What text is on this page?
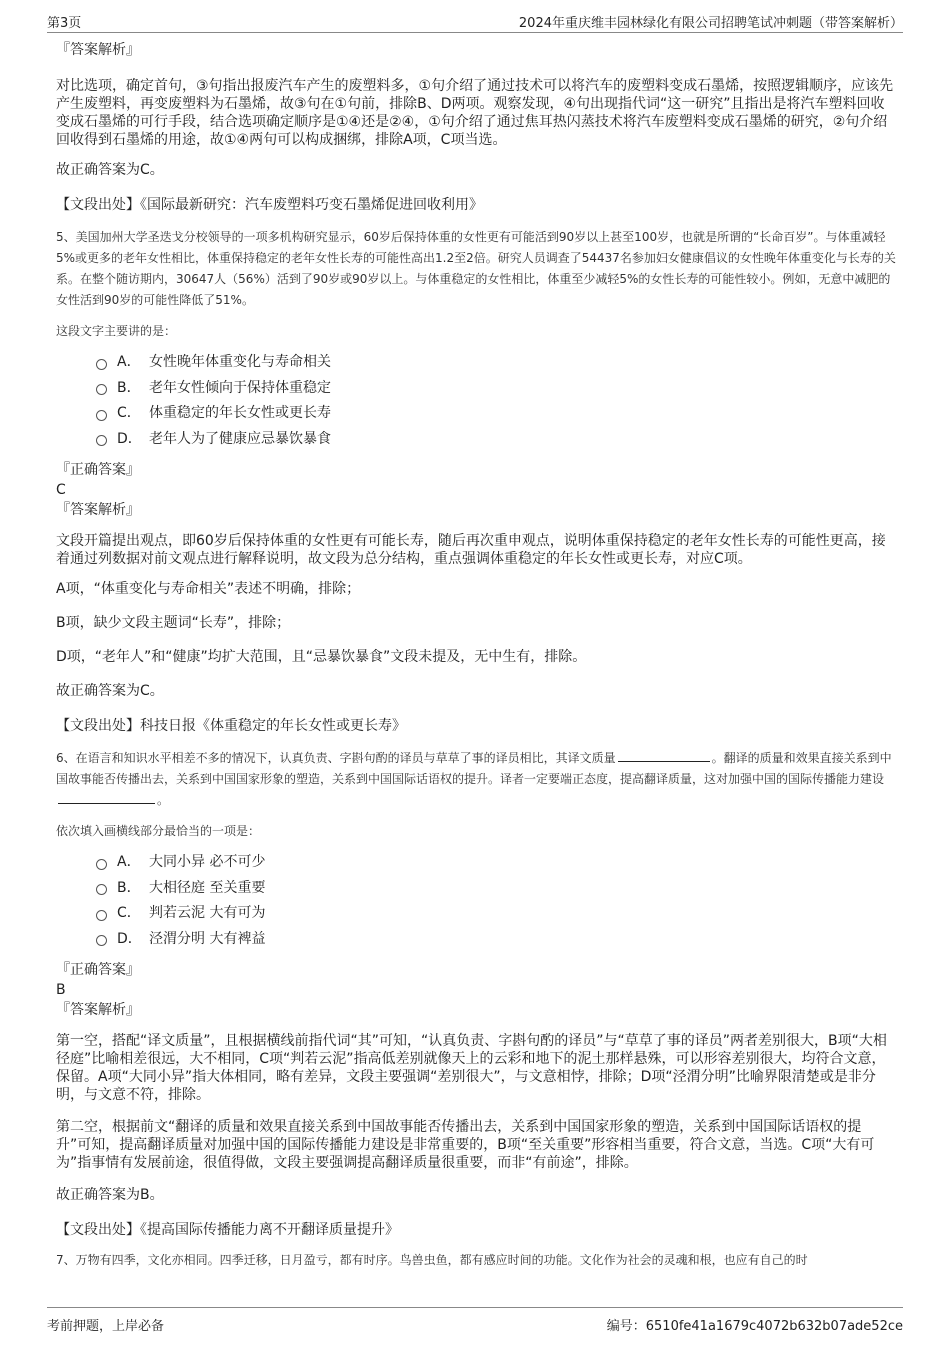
第3页	2024年重庆维丰园林绿化有限公司招聘笔试冲刺题（带答案解析）
『答案解析』

对比选项，确定首句，③句指出报废汽车产生的废塑料多，①句介绍了通过技术可以将汽车的废塑料变成石墨烯，按照逻辑顺序，应该先产生废塑料，再变废塑料为石墨烯，故③句在①句前，排除B、D两项。观察发现，④句出现指代词“这一研究”且指出是将汽车塑料回收变成石墨烯的可行手段，结合选项确定顺序是①④还是②④，①句介绍了通过焦耳热闪蒸技术将汽车废塑料变成石墨烯的研究，②句介绍回收得到石墨烯的用途，故①④两句可以构成捆绑，排除A项，C项当选。

故正确答案为C。

【文段出处】《国际最新研究：汽车废塑料巧变石墨烯促进回收利用》

5、美国加州大学圣迭戈分校领导的一项多机构研究显示，60岁后保持体重的女性更有可能活到90岁以上甚至100岁，也就是所谓的“长命百岁”。与体重减轻5%或更多的老年女性相比，体重保持稳定的老年女性长寿的可能性高出1.2至2倍。研究人员调查了54437名参加妇女健康倡议的女性晚年体重变化与长寿的关系。在整个随访期内，30647人（56%）活到了90岁或90岁以上。与体重稳定的女性相比，体重至少减轻5%的女性长寿的可能性较小。例如，无意中减肥的女性活到90岁的可能性降低了51%。

这段文字主要讲的是：

A． 女性晚年体重变化与寿命相关
B． 老年女性倾向于保持体重稳定
C． 体重稳定的年长女性或更长寿
D． 老年人为了健康应忌暴饮暴食
『正确答案』
C
『答案解析』

文段开篇提出观点，即60岁后保持体重的女性更有可能长寿，随后再次重申观点，说明体重保持稳定的老年女性长寿的可能性更高，接着通过列数据对前文观点进行解释说明，故文段为总分结构，重点强调体重稳定的年长女性或更长寿，对应C项。

A项，“体重变化与寿命相关”表述不明确，排除；

B项，缺少文段主题词“长寿”，排除；

D项，“老年人”和“健康”均扩大范围，且“忌暴饮暴食”文段未提及，无中生有，排除。

故正确答案为C。

【文段出处】科技日报《体重稳定的年长女性或更长寿》

6、在语言和知识水平相差不多的情况下，认真负责、字斟句酌的译员与草草了事的译员相比，其译文质量	。翻译的质量和效果直接关系到中国故事能否传播出去，关系到中国国家形象的塑造，关系到中国国际话语权的提升。译者一定要端正态度，提高翻译质量，这对加强中国的国际传播能力建设。

依次填入画横线部分最恰当的一项是：

A． 大同小异 必不可少
B． 大相径庭 至关重要
C． 判若云泥 大有可为
D． 泾渭分明 大有裨益
『正确答案』
B
『答案解析』

第一空，搭配“译文质量”，且根据横线前指代词“其”可知，“认真负责、字斟句酌的译员”与“草草了事的译员”两者差别很大，B项“大相径庭”比喻相差很远，大不相同，C项“判若云泥”指高低差别就像天上的云彩和地下的泥土那样悬殊，可以形容差别很大，均符合文意，保留。A项“大同小异”指大体相同，略有差异，文段主要强调“差别很大”，与文意相悖，排除；D项“泾渭分明”比喻界限清楚或是非分明，与文意不符，排除。

第二空，根据前文“翻译的质量和效果直接关系到中国故事能否传播出去，关系到中国国家形象的塑造，关系到中国国际话语权的提升”可知，提高翻译质量对加强中国的国际传播能力建设是非常重要的，B项“至关重要”形容相当重要，符合文意，当选。C项“大有可为”指事情有发展前途，很值得做，文段主要强调提高翻译质量很重要，而非“有前途”，排除。

故正确答案为B。

【文段出处】《提高国际传播能力离不开翻译质量提升》

7、万物有四季，文化亦相同。四季迁移，日月盈亏，都有时序。鸟兽虫鱼，都有感应时间的功能。文化作为社会的灵魂和根，也应有自己的时

考前押题，上岸必备	编号：6510fe41a1679c4072b632b07ade52ce
